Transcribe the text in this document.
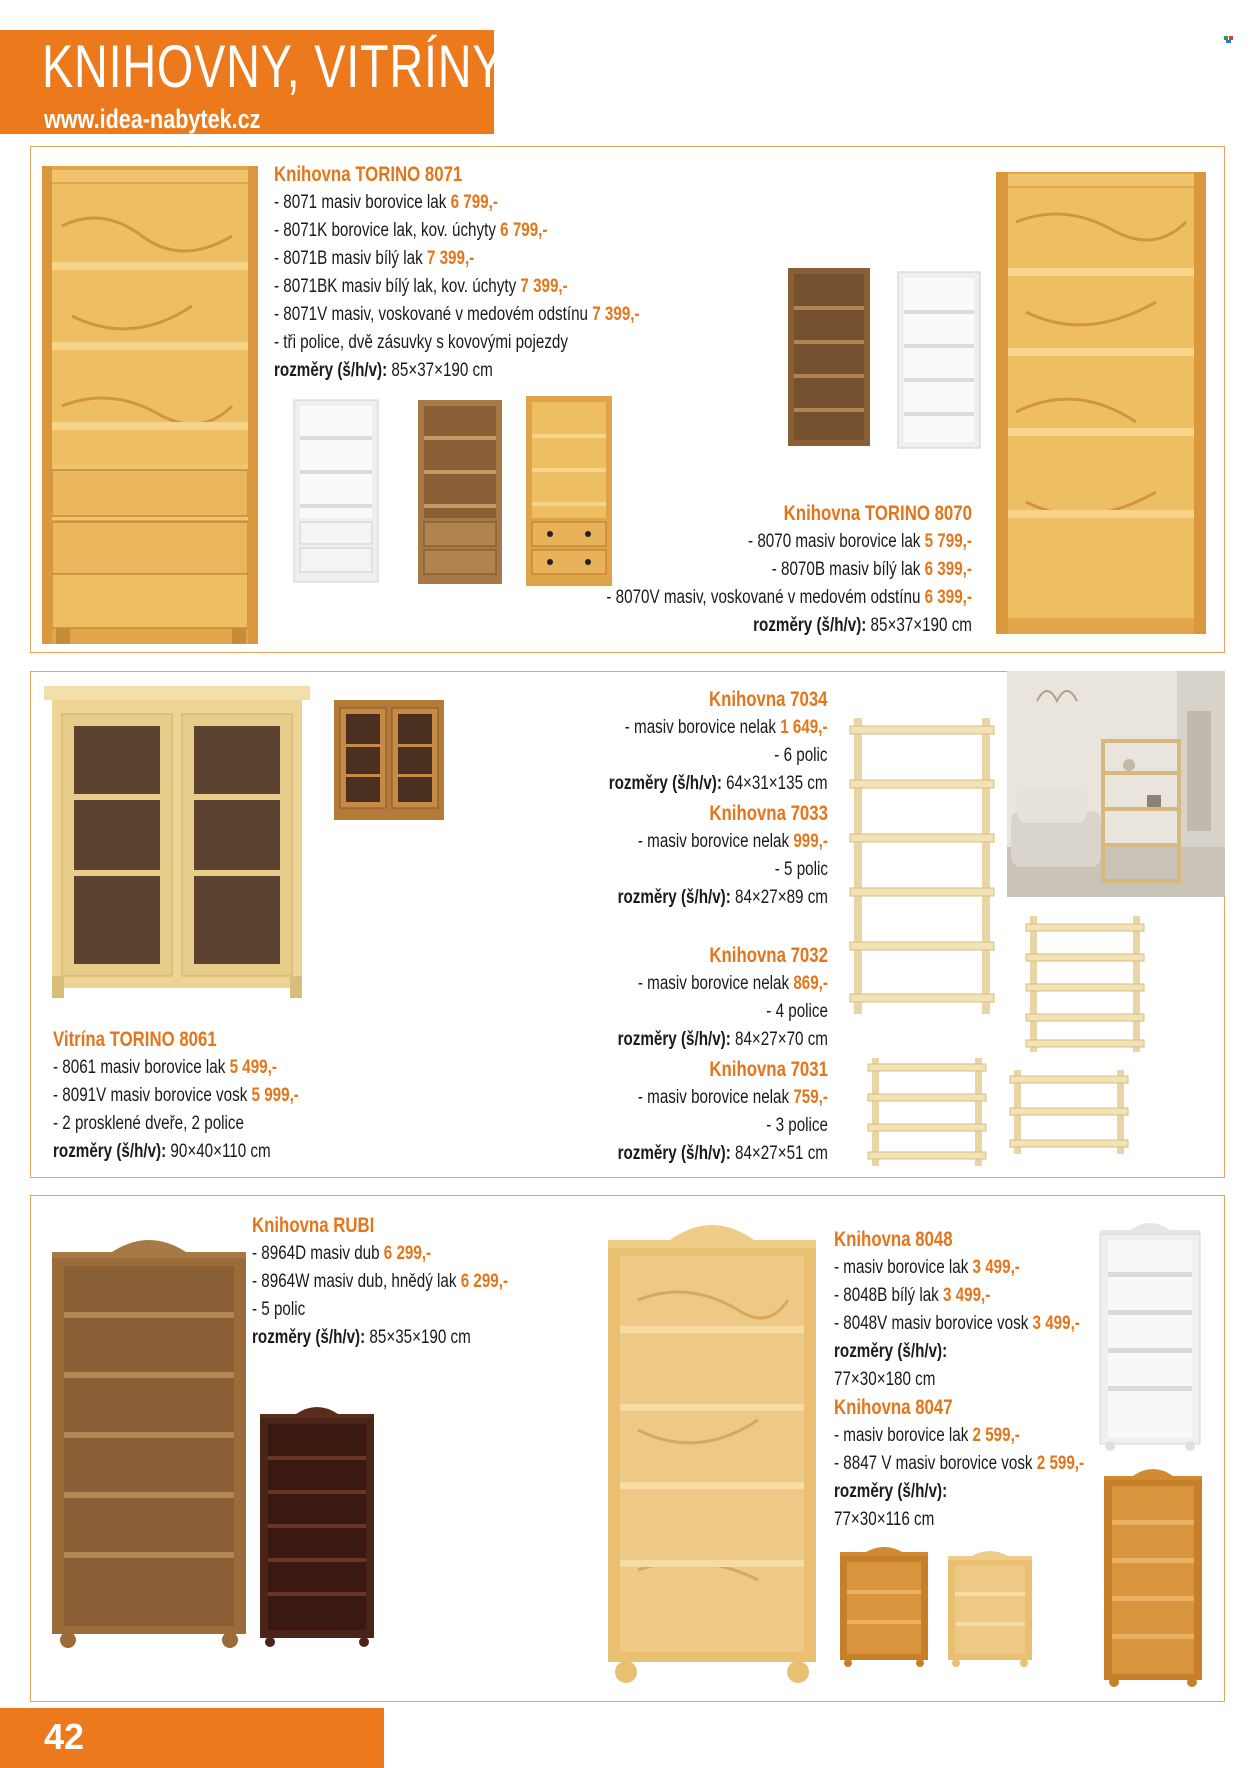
KNIHOVNY, VITRÍNY
www.idea-nabytek.cz
Knihovna TORINO 8071
- 8071 masiv borovice lak 6 799,-
- 8071K borovice lak, kov. úchyty 6 799,-
- 8071B masiv bílý lak 7 399,-
- 8071BK masiv bílý lak, kov. úchyty 7 399,-
- 8071V masiv, voskované v medovém odstínu 7 399,-
- tři police, dvě zásuvky s kovovými pojezdy
rozměry (š/h/v): 85×37×190 cm
Knihovna TORINO 8070
- 8070 masiv borovice lak 5 799,-
- 8070B masiv bílý lak 6 399,-
- 8070V masiv, voskované v medovém odstínu 6 399,-
rozměry (š/h/v): 85×37×190 cm
Vitrína TORINO 8061
- 8061 masiv borovice lak 5 499,-
- 8091V masiv borovice vosk 5 999,-
- 2 prosklené dveře, 2 police
rozměry (š/h/v): 90×40×110 cm
Knihovna 7034
- masiv borovice nelak 1 649,-
- 6 polic
rozměry (š/h/v): 64×31×135 cm
Knihovna 7033
- masiv borovice nelak 999,-
- 5 polic
rozměry (š/h/v): 84×27×89 cm
Knihovna 7032
- masiv borovice nelak 869,-
- 4 police
rozměry (š/h/v): 84×27×70 cm
Knihovna 7031
- masiv borovice nelak 759,-
- 3 police
rozměry (š/h/v): 84×27×51 cm
Knihovna RUBI
- 8964D masiv dub 6 299,-
- 8964W masiv dub, hnědý lak 6 299,-
- 5 polic
rozměry (š/h/v): 85×35×190 cm
Knihovna 8048
- masiv borovice lak 3 499,-
- 8048B bílý lak 3 499,-
- 8048V masiv borovice vosk 3 499,-
rozměry (š/h/v):
77×30×180 cm
Knihovna 8047
- masiv borovice lak 2 599,-
- 8847 V masiv borovice vosk 2 599,-
rozměry (š/h/v):
77×30×116 cm
42
